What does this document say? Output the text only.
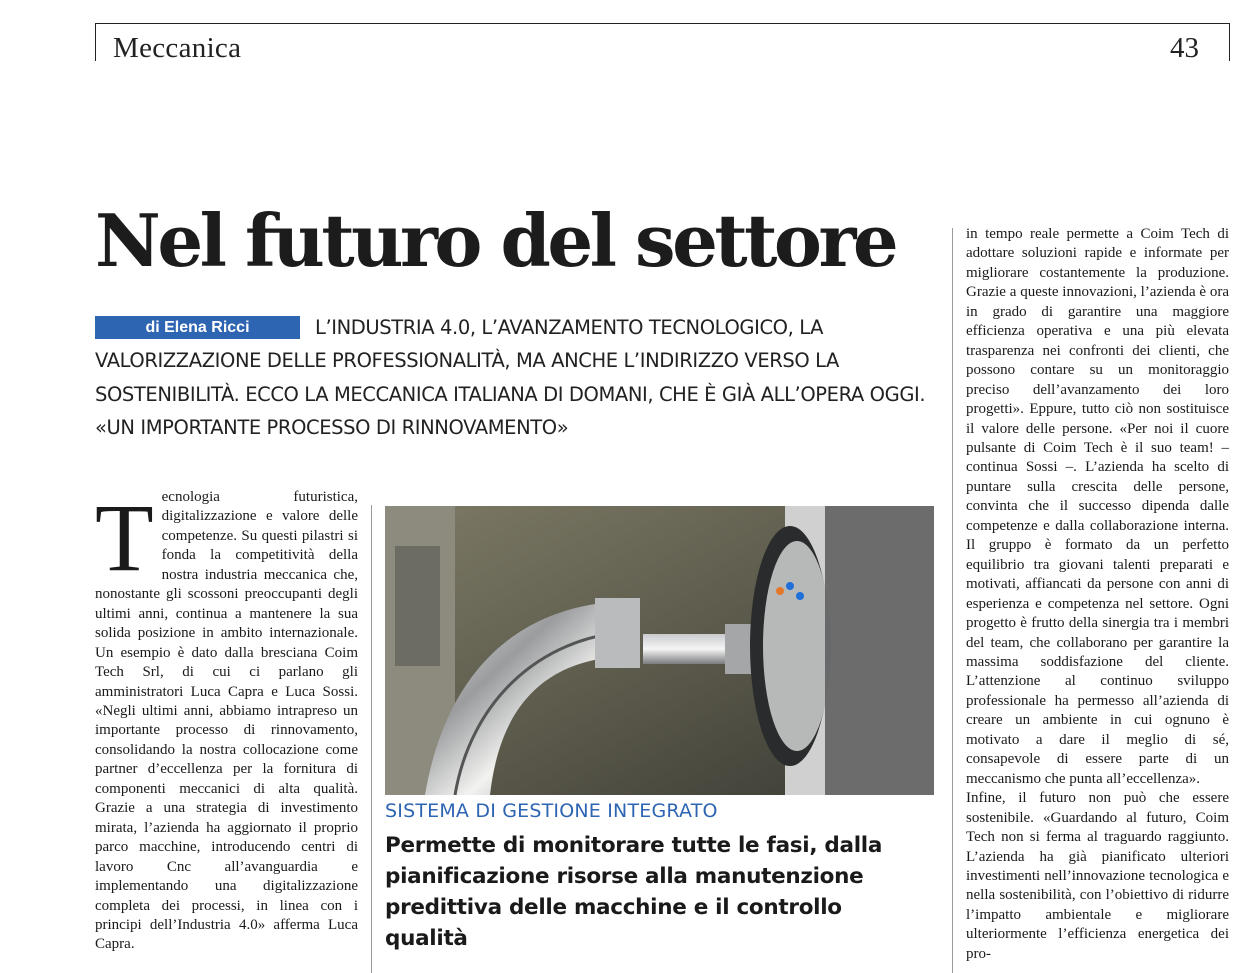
Meccanica	43
Nel futuro del settore
L’INDUSTRIA 4.0, L’AVANZAMENTO TECNOLOGICO, LA VALORIZZAZIONE DELLE PROFESSIONALITÀ, MA ANCHE L’INDIRIZZO VERSO LA SOSTENIBILITÀ. ECCO LA MECCANICA ITALIANA DI DOMANI, CHE È GIÀ ALL’OPERA OGGI. «UN IMPORTANTE PROCESSO DI RINNOVAMENTO»
di Elena Ricci
T ecnologia futuristica, digitalizzazione e valore delle competenze. Su questi pilastri si fonda la competitività della nostra industria meccanica che, nonostante gli scossoni preoccupanti degli ultimi anni, continua a mantenere la sua solida posizione in ambito internazionale. Un esempio è dato dalla bresciana Coim Tech Srl, di cui ci parlano gli amministratori Luca Capra e Luca Sossi. «Negli ultimi anni, abbiamo intrapreso un importante processo di rinnovamento, consolidando la nostra collocazione come partner d’eccellenza per la fornitura di componenti meccanici di alta qualità. Grazie a una strategia di investimento mirata, l’azienda ha aggiornato il proprio parco macchine, introducendo centri di lavoro Cnc all’avanguardia e implementando una digitalizzazione completa dei processi, in linea con i principi dell’Industria 4.0» afferma Luca Capra.

SISTEMA DI GESTIONE INTEGRATO
Permette di monitorare tutte le fasi, dalla pianificazione risorse alla manutenzione predittiva delle macchine e il controllo qualità

in tempo reale permette a Coim Tech di adottare soluzioni rapide e informate per migliorare costantemente la produzione. Grazie a queste innovazioni, l’azienda è ora in grado di garantire una maggiore efficienza operativa e una più elevata trasparenza nei confronti dei clienti, che possono contare su un monitoraggio preciso dell’avanzamento dei loro progetti». Eppure, tutto ciò non sostituisce il valore delle persone. «Per noi il cuore pulsante di Coim Tech è il suo team! – continua Sossi –. L’azienda ha scelto di puntare sulla crescita delle persone, convinta che il successo dipenda dalle competenze e dalla collaborazione interna. Il gruppo è formato da un perfetto equilibrio tra giovani talenti preparati e motivati, affiancati da persone con anni di esperienza e competenza nel settore. Ogni progetto è frutto della sinergia tra i membri del team, che collaborano per garantire la massima soddisfazione del cliente. L’attenzione al continuo sviluppo professionale ha permesso all’azienda di creare un ambiente in cui ognuno è motivato a dare il meglio di sé, consapevole di essere parte di un meccanismo che punta all’eccellenza».

Infine, il futuro non può che essere sostenibile. «Guardando al futuro, Coim Tech non si ferma al traguardo raggiunto. L’azienda ha già pianificato ulteriori investimenti nell’innovazione tecnologica e nella sostenibilità, con l’obiettivo di ridurre l’impatto ambientale e migliorare ulteriormente l’efficienza energetica dei pro-
